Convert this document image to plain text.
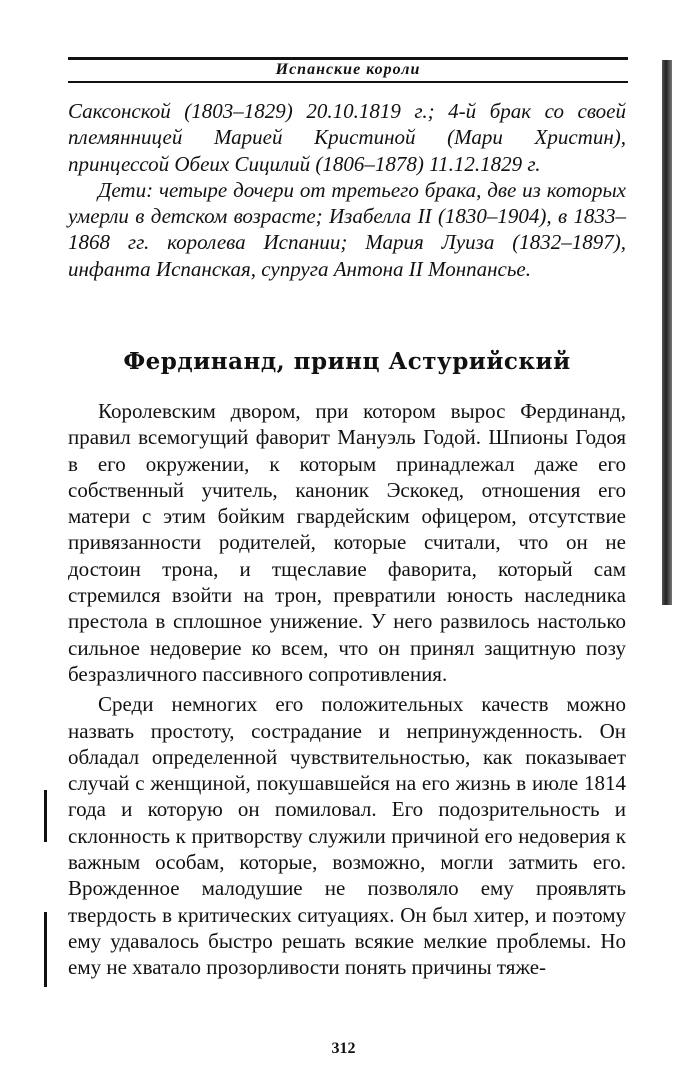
Испанские короли

Саксонской (1803–1829) 20.10.1819 г.; 4-й брак со своей племянницей Марией Кристиной (Мари Христин), принцессой Обеих Сицилий (1806–1878) 11.12.1829 г.

Дети: четыре дочери от третьего брака, две из которых умерли в детском возрасте; Изабелла II (1830–1904), в 1833–1868 гг. королева Испании; Мария Луиза (1832–1897), инфанта Испанская, супруга Антона II Монпансье.

Фердинанд, принц Астурийский

Королевским двором, при котором вырос Фердинанд, правил всемогущий фаворит Мануэль Годой. Шпионы Годоя в его окружении, к которым принадлежал даже его собственный учитель, каноник Эскокед, отношения его матери с этим бойким гвардейским офицером, отсутствие привязанности родителей, которые считали, что он не достоин трона, и тщеславие фаворита, который сам стремился взойти на трон, превратили юность наследника престола в сплошное унижение. У него развилось настолько сильное недоверие ко всем, что он принял защитную позу безразличного пассивного сопротивления.

Среди немногих его положительных качеств можно назвать простоту, сострадание и непринужденность. Он обладал определенной чувствительностью, как показывает случай с женщиной, покушавшейся на его жизнь в июле 1814 года и которую он помиловал. Его подозрительность и склонность к притворству служили причиной его недоверия к важным особам, которые, возможно, могли затмить его. Врожденное малодушие не позволяло ему проявлять твердость в критических ситуациях. Он был хитер, и поэтому ему удавалось быстро решать всякие мелкие проблемы. Но ему не хватало прозорливости понять причины тяже-

312
